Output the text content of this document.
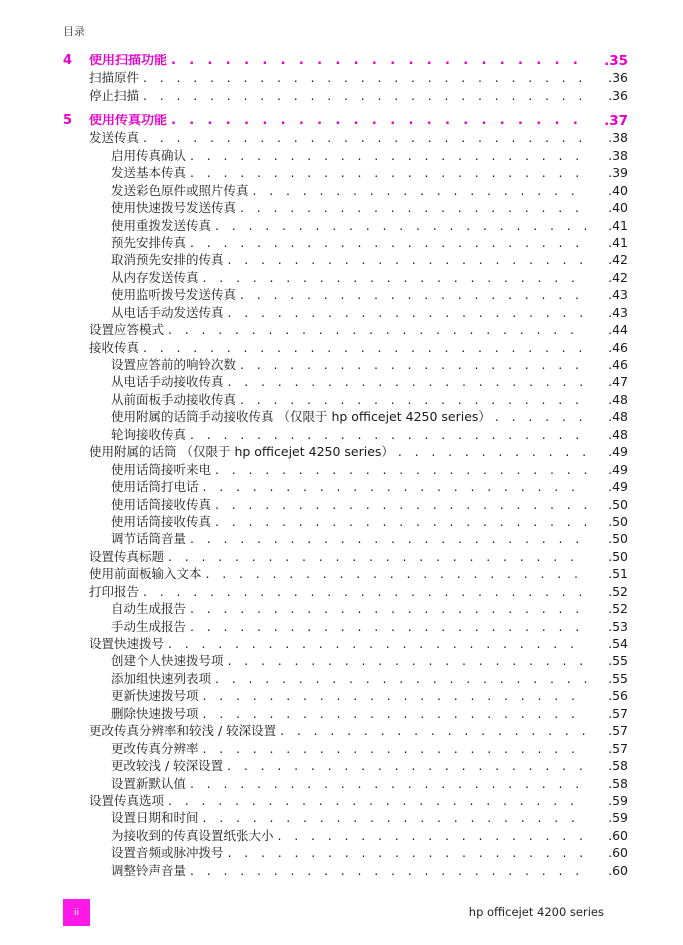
目录
4 使用扫描功能 . . .	.35
扫描原件 . . .	.36
停止扫描 . . .	.36
5 使用传真功能 . . .	.37
发送传真 . . .	.38
启用传真确认 . . .	.38
发送基本传真 . . .	.39
发送彩色原件或照片传真 . . .	.40
使用快速拨号发送传真 . . .	.40
使用重拨发送传真 . . .	.41
预先安排传真 . . .	.41
取消预先安排的传真 . . .	.42
从内存发送传真 . . .	.42
使用监听拨号发送传真 . . .	.43
从电话手动发送传真 . . .	.43
设置应答模式 . . .	.44
接收传真 . . .	.46
设置应答前的响铃次数 . . .	.46
从电话手动接收传真 . . .	.47
从前面板手动接收传真 . . .	.48
使用附属的话筒手动接收传真 （仅限于 hp officejet 4250 series） . . .	.48
轮询接收传真 . . .	.48
使用附属的话筒 （仅限于 hp officejet 4250 series） . . .	.49
使用话筒接听来电 . . .	.49
使用话筒打电话 . . .	.49
使用话筒接收传真 . . .	.50
使用话筒接收传真 . . .	.50
调节话筒音量 . . .	.50
设置传真标题 . . .	.50
使用前面板输入文本 . . .	.51
打印报告 . . .	.52
自动生成报告 . . .	.52
手动生成报告 . . .	.53
设置快速拨号 . . .	.54
创建个人快速拨号项 . . .	.55
添加组快速列表项 . . .	.55
更新快速拨号项 . . .	.56
删除快速拨号项 . . .	.57
更改传真分辨率和较浅 / 较深设置 . . .	.57
更改传真分辨率 . . .	.57
更改较浅 / 较深设置 . . .	.58
设置新默认值 . . .	.58
设置传真选项 . . .	.59
设置日期和时间 . . .	.59
为接收到的传真设置纸张大小 . . .	.60
设置音频或脉冲拨号 . . .	.60
调整铃声音量 . . .	.60
ii	hp officejet 4200 series
